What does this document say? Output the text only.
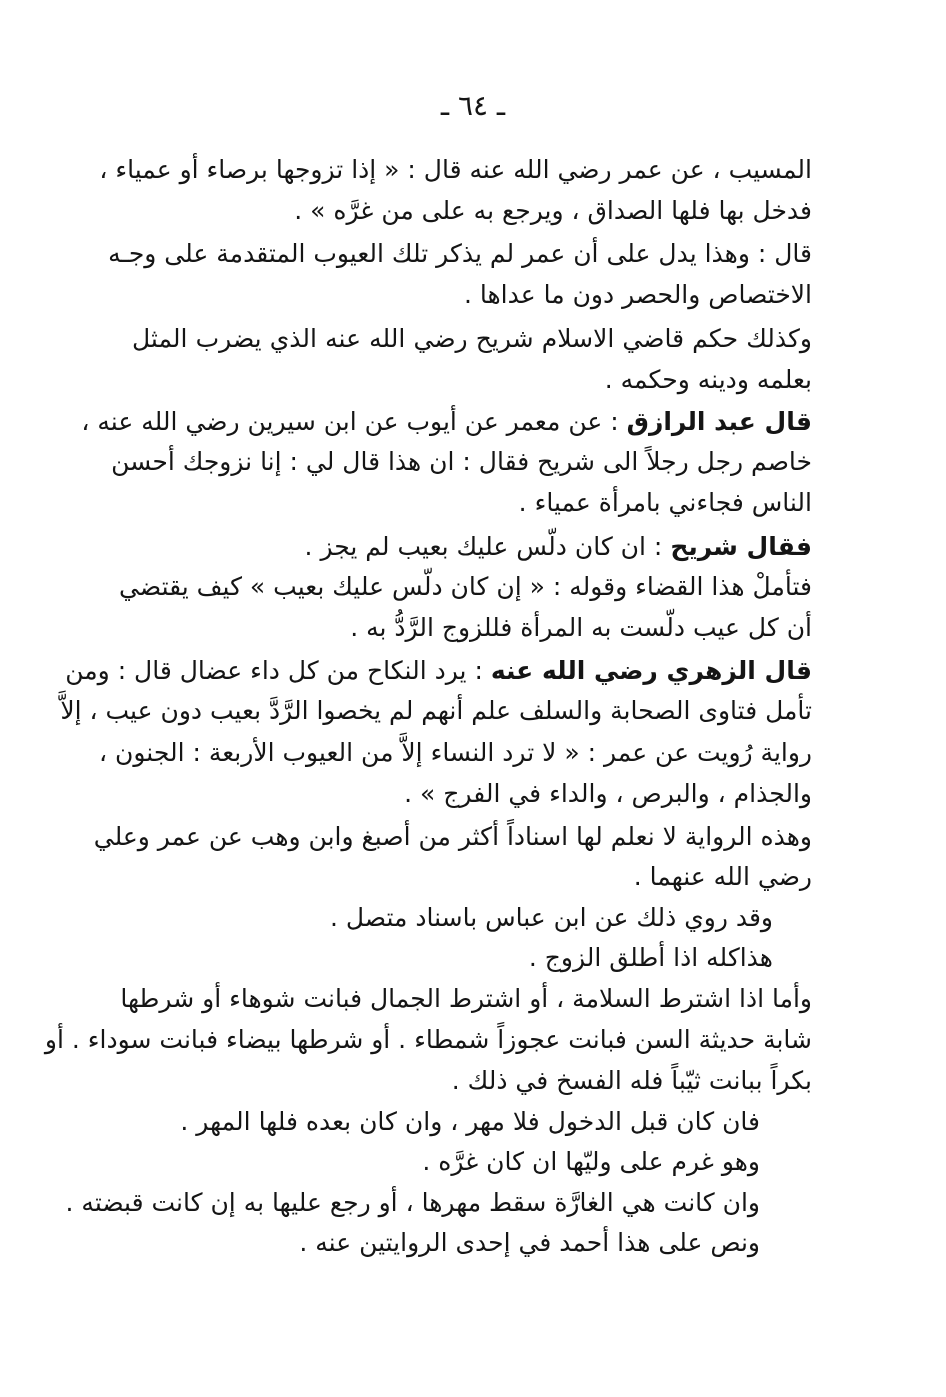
ـ ٦٤ ـ
المسيب ، عن عمر رضي الله عنه قال : « إذا تزوجها برصاء أو عمياء ،
فدخل بها فلها الصداق ، ويرجع به على من غرَّه » .
قال : وهذا يدل على أن عمر لم يذكر تلك العيوب المتقدمة على وجـه
الاختصاص والحصر دون ما عداها .
وكذلك حكم قاضي الاسلام شريح رضي الله عنه الذي يضرب المثل
بعلمه ودينه وحكمه .
قال عبد الرازق : عن معمر عن أيوب عن ابن سيرين رضي الله عنه ،
خاصم رجل رجلاً الى شريح فقال : ان هذا قال لي : إنا نزوجك أحسن
الناس فجاءني بامرأة عمياء .
فقال شريح : ان كان دلّس عليك بعيب لم يجز .
فتأملْ هذا القضاء وقوله : « إن كان دلّس عليك بعيب » كيف يقتضي
أن كل عيب دلّست به المرأة فللزوج الرَّدُّ به .
قال الزهري رضي الله عنه : يرد النكاح من كل داء عضال قال : ومن
تأمل فتاوى الصحابة والسلف علم أنهم لم يخصوا الرَّدَّ بعيب دون عيب ، إلاَّ
رواية رُويت عن عمر : « لا ترد النساء إلاَّ من العيوب الأربعة : الجنون ،
والجذام ، والبرص ، والداء في الفرج » .
وهذه الرواية لا نعلم لها اسناداً أكثر من أصبغ وابن وهب عن عمر وعلي
رضي الله عنهما .
وقد روي ذلك عن ابن عباس باسناد متصل .
هذاكله اذا أطلق الزوج .
وأما اذا اشترط السلامة ، أو اشترط الجمال فبانت شوهاء أو شرطها
شابة حديثة السن فبانت عجوزاً شمطاء . أو شرطها بيضاء فبانت سوداء . أو
بكراً ببانت ثيّباً فله الفسخ في ذلك .
فان كان قبل الدخول فلا مهر ، وان كان بعده فلها المهر .
وهو غرم على وليّها ان كان غرَّه .
وان كانت هي الغارَّة سقط مهرها ، أو رجع عليها به إن كانت قبضته .
ونص على هذا أحمد في إحدى الروايتين عنه .
